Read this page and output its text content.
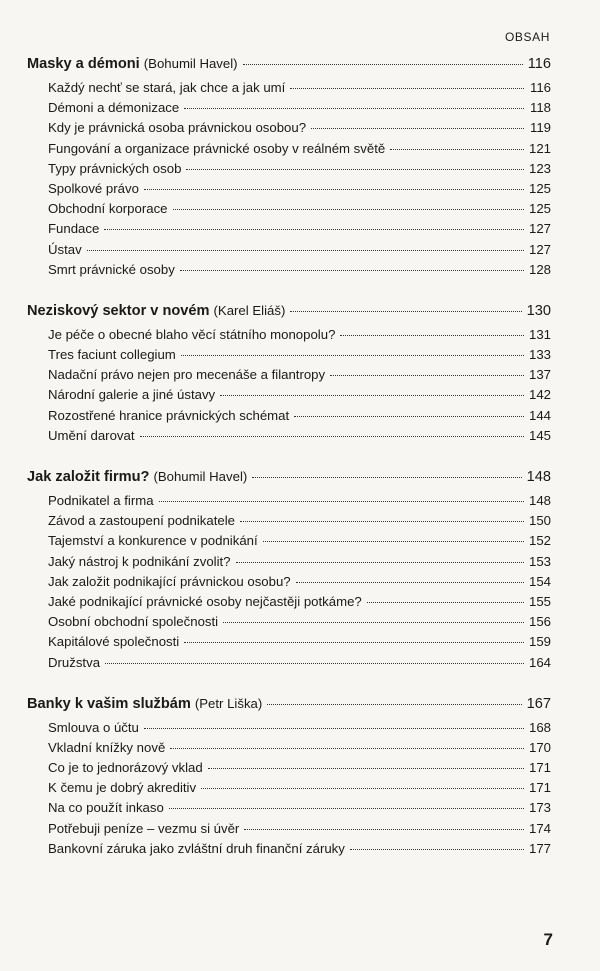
OBSAH
Masky a démoni (Bohumil Havel)	116
Každý nechť se stará, jak chce a jak umí	116
Démoni a démonizace	118
Kdy je právnická osoba právnickou osobou?	119
Fungování a organizace právnické osoby v reálném světě	121
Typy právnických osob	123
Spolkové právo	125
Obchodní korporace	125
Fundace	127
Ústav	127
Smrt právnické osoby	128
Neziskový sektor v novém (Karel Eliáš)	130
Je péče o obecné blaho věcí státního monopolu?	131
Tres faciunt collegium	133
Nadační právo nejen pro mecenáše a filantropy	137
Národní galerie a jiné ústavy	142
Rozostřené hranice právnických schémat	144
Umění darovat	145
Jak založit firmu? (Bohumil Havel)	148
Podnikatel a firma	148
Závod a zastoupení podnikatele	150
Tajemství a konkurence v podnikání	152
Jaký nástroj k podnikání zvolit?	153
Jak založit podnikající právnickou osobu?	154
Jaké podnikající právnické osoby nejčastěji potkáme?	155
Osobní obchodní společnosti	156
Kapitálové společnosti	159
Družstva	164
Banky k vašim službám (Petr Liška)	167
Smlouva o účtu	168
Vkladní knížky nově	170
Co je to jednorázový vklad	171
K čemu je dobrý akreditiv	171
Na co použít inkaso	173
Potřebuji peníze – vezmu si úvěr	174
Bankovní záruka jako zvláštní druh finanční záruky	177
7
